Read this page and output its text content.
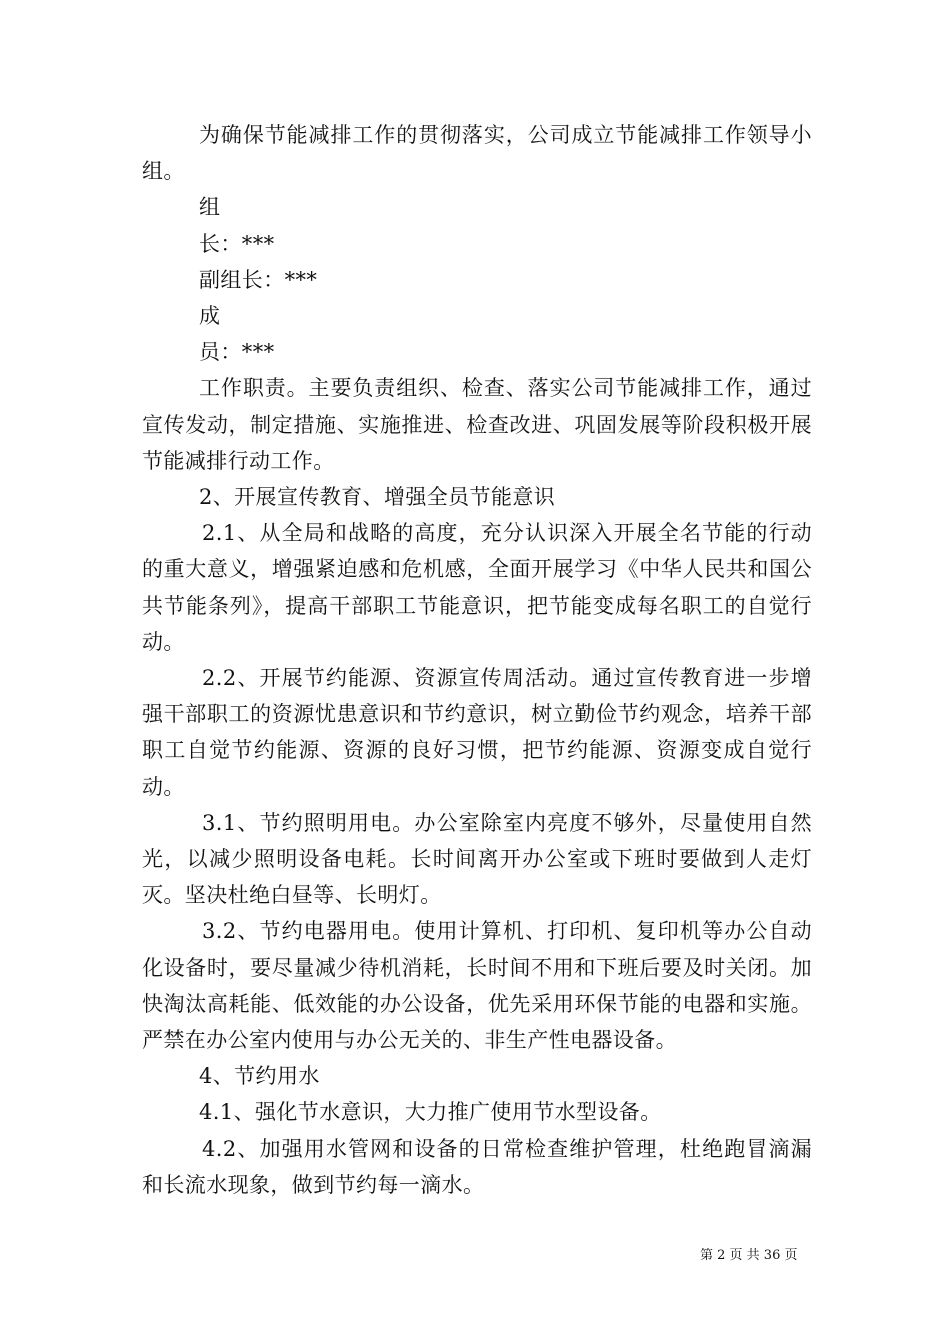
为确保节能减排工作的贯彻落实，公司成立节能减排工作领导小组。

组

长：***

副组长：***

成

员：***

工作职责。主要负责组织、检查、落实公司节能减排工作，通过宣传发动，制定措施、实施推进、检查改进、巩固发展等阶段积极开展节能减排行动工作。

2、开展宣传教育、增强全员节能意识

2.1、从全局和战略的高度，充分认识深入开展全名节能的行动的重大意义，增强紧迫感和危机感，全面开展学习《中华人民共和国公共节能条列》，提高干部职工节能意识，把节能变成每名职工的自觉行动。

2.2、开展节约能源、资源宣传周活动。通过宣传教育进一步增强干部职工的资源忧患意识和节约意识，树立勤俭节约观念，培养干部职工自觉节约能源、资源的良好习惯，把节约能源、资源变成自觉行动。

3.1、节约照明用电。办公室除室内亮度不够外，尽量使用自然光，以减少照明设备电耗。长时间离开办公室或下班时要做到人走灯灭。坚决杜绝白昼等、长明灯。

3.2、节约电器用电。使用计算机、打印机、复印机等办公自动化设备时，要尽量减少待机消耗，长时间不用和下班后要及时关闭。加快淘汰高耗能、低效能的办公设备，优先采用环保节能的电器和实施。严禁在办公室内使用与办公无关的、非生产性电器设备。

4、节约用水

4.1、强化节水意识，大力推广使用节水型设备。

4.2、加强用水管网和设备的日常检查维护管理，杜绝跑冒滴漏和长流水现象，做到节约每一滴水。

第 2 页 共 36 页
